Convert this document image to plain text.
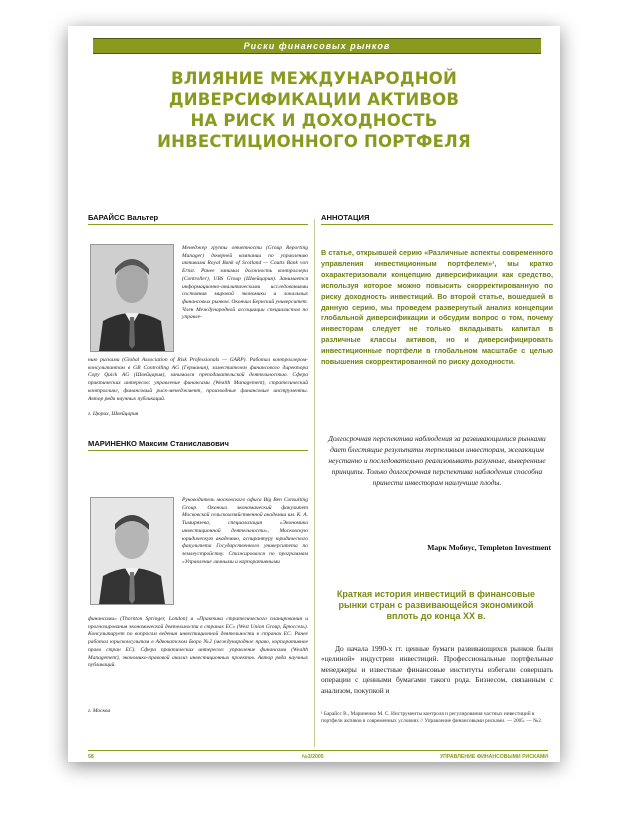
Риски финансовых рынков
ВЛИЯНИЕ МЕЖДУНАРОДНОЙ
ДИВЕРСИФИКАЦИИ АКТИВОВ
НА РИСК И ДОХОДНОСТЬ
ИНВЕСТИЦИОННОГО ПОРТФЕЛЯ
БАРАЙСС Вальтер

Менеджер группы отчетности (Group Reporting Manager) дочерней компании по управлению активами Royal Bank of Scotland — Coutts Bank von Ernst. Ранее занимал должность контроллера (Controller), UBS Group (Швейцария). Занимается информационно-аналитическими исследованиями состояния мировой экономики и локальных финансовых рынков. Окончил Бернский университет. Член Международной ассоциации специалистов по управле-

нию рисками (Global Association of Risk Professionals — GARP). Работал контроллером-консультантом в GB Controlling AG (Германия), заместителем финансового директора Copy Quick AG (Швейцария), занимался преподавательской деятельностью. Сфера практических интересов: управление финансами (Wealth Management), стратегический контроллинг, финансовый риск-менеджмент, производные финансовые инструменты. Автор ряда научных публикаций.

г. Цюрих, Швейцария

МАРИНЕНКО Максим Станиславович

Руководитель московского офиса Big Ben Consulting Group. Окончил экономический факультет Московской сельскохозяйственной академии им. К. А. Тимирязева, специализация «Экономика инвестиционной деятельности», Московскую юридическую академию, аспирантуру юридического факультета Государственного университета по землеустройству. Стажировался по программам «Управление личными и корпоративными

финансами» (Thornton Springer, London) и «Практика стратегического планирования и прогнозирования экономической деятельности в странах ЕС» (West Union Group, Брюссель). Консультирует по вопросам ведения инвестиционной деятельности в странах ЕС. Ранее работал юрисконсультом в Адвокатском Бюро №2 (международное право, корпоративное право стран ЕС). Сфера практических интересов: управление финансами (Wealth Management), экономико-правовой анализ инвестиционных проектов. Автор ряда научных публикаций.

г. Москва

АННОТАЦИЯ

В статье, открывшей серию «Различные аспекты современного управления инвестиционным портфелем»¹, мы кратко охарактеризовали концепцию диверсификации как средство, используя которое можно повысить скорректированную по риску доходность инвестиций. Во второй статье, вошедшей в данную серию, мы проведем развернутый анализ концепции глобальной диверсификации и обсудим вопрос о том, почему инвесторам следует не только вкладывать капитал в различные классы активов, но и диверсифицировать инвестиционные портфели в глобальном масштабе с целью повышения скорректированной по риску доходности.

Долгосрочная перспектива наблюдения за развивающимися рынками дает блестящие результаты терпеливым инвесторам, желающим неустанно и последовательно реализовывать разумные, выверенные принципы. Только долгосрочная перспектива наблюдения способна принести инвесторам наилучшие плоды.

Марк Мобиус, Templeton Investment
Краткая история инвестиций в финансовые рынки стран с развивающейся экономикой вплоть до конца XX в.

До начала 1990-х гг. ценные бумаги развивающихся рынков были «целиной» индустрии инвестиций. Профессиональные портфельные менеджеры и известные финансовые институты избегали совершать операции с ценными бумагами такого рода. Бизнесом, связанным с анализом, покупкой и

¹ Барайсс В., Мариненко М. С. Инструменты контроля и регулирования частных инвестиций в портфели активов в современных условиях // Управление финансовыми рисками. — 2005. — №2.

58	№3/2005	УПРАВЛЕНИЕ ФИНАНСОВЫМИ РИСКАМИ
